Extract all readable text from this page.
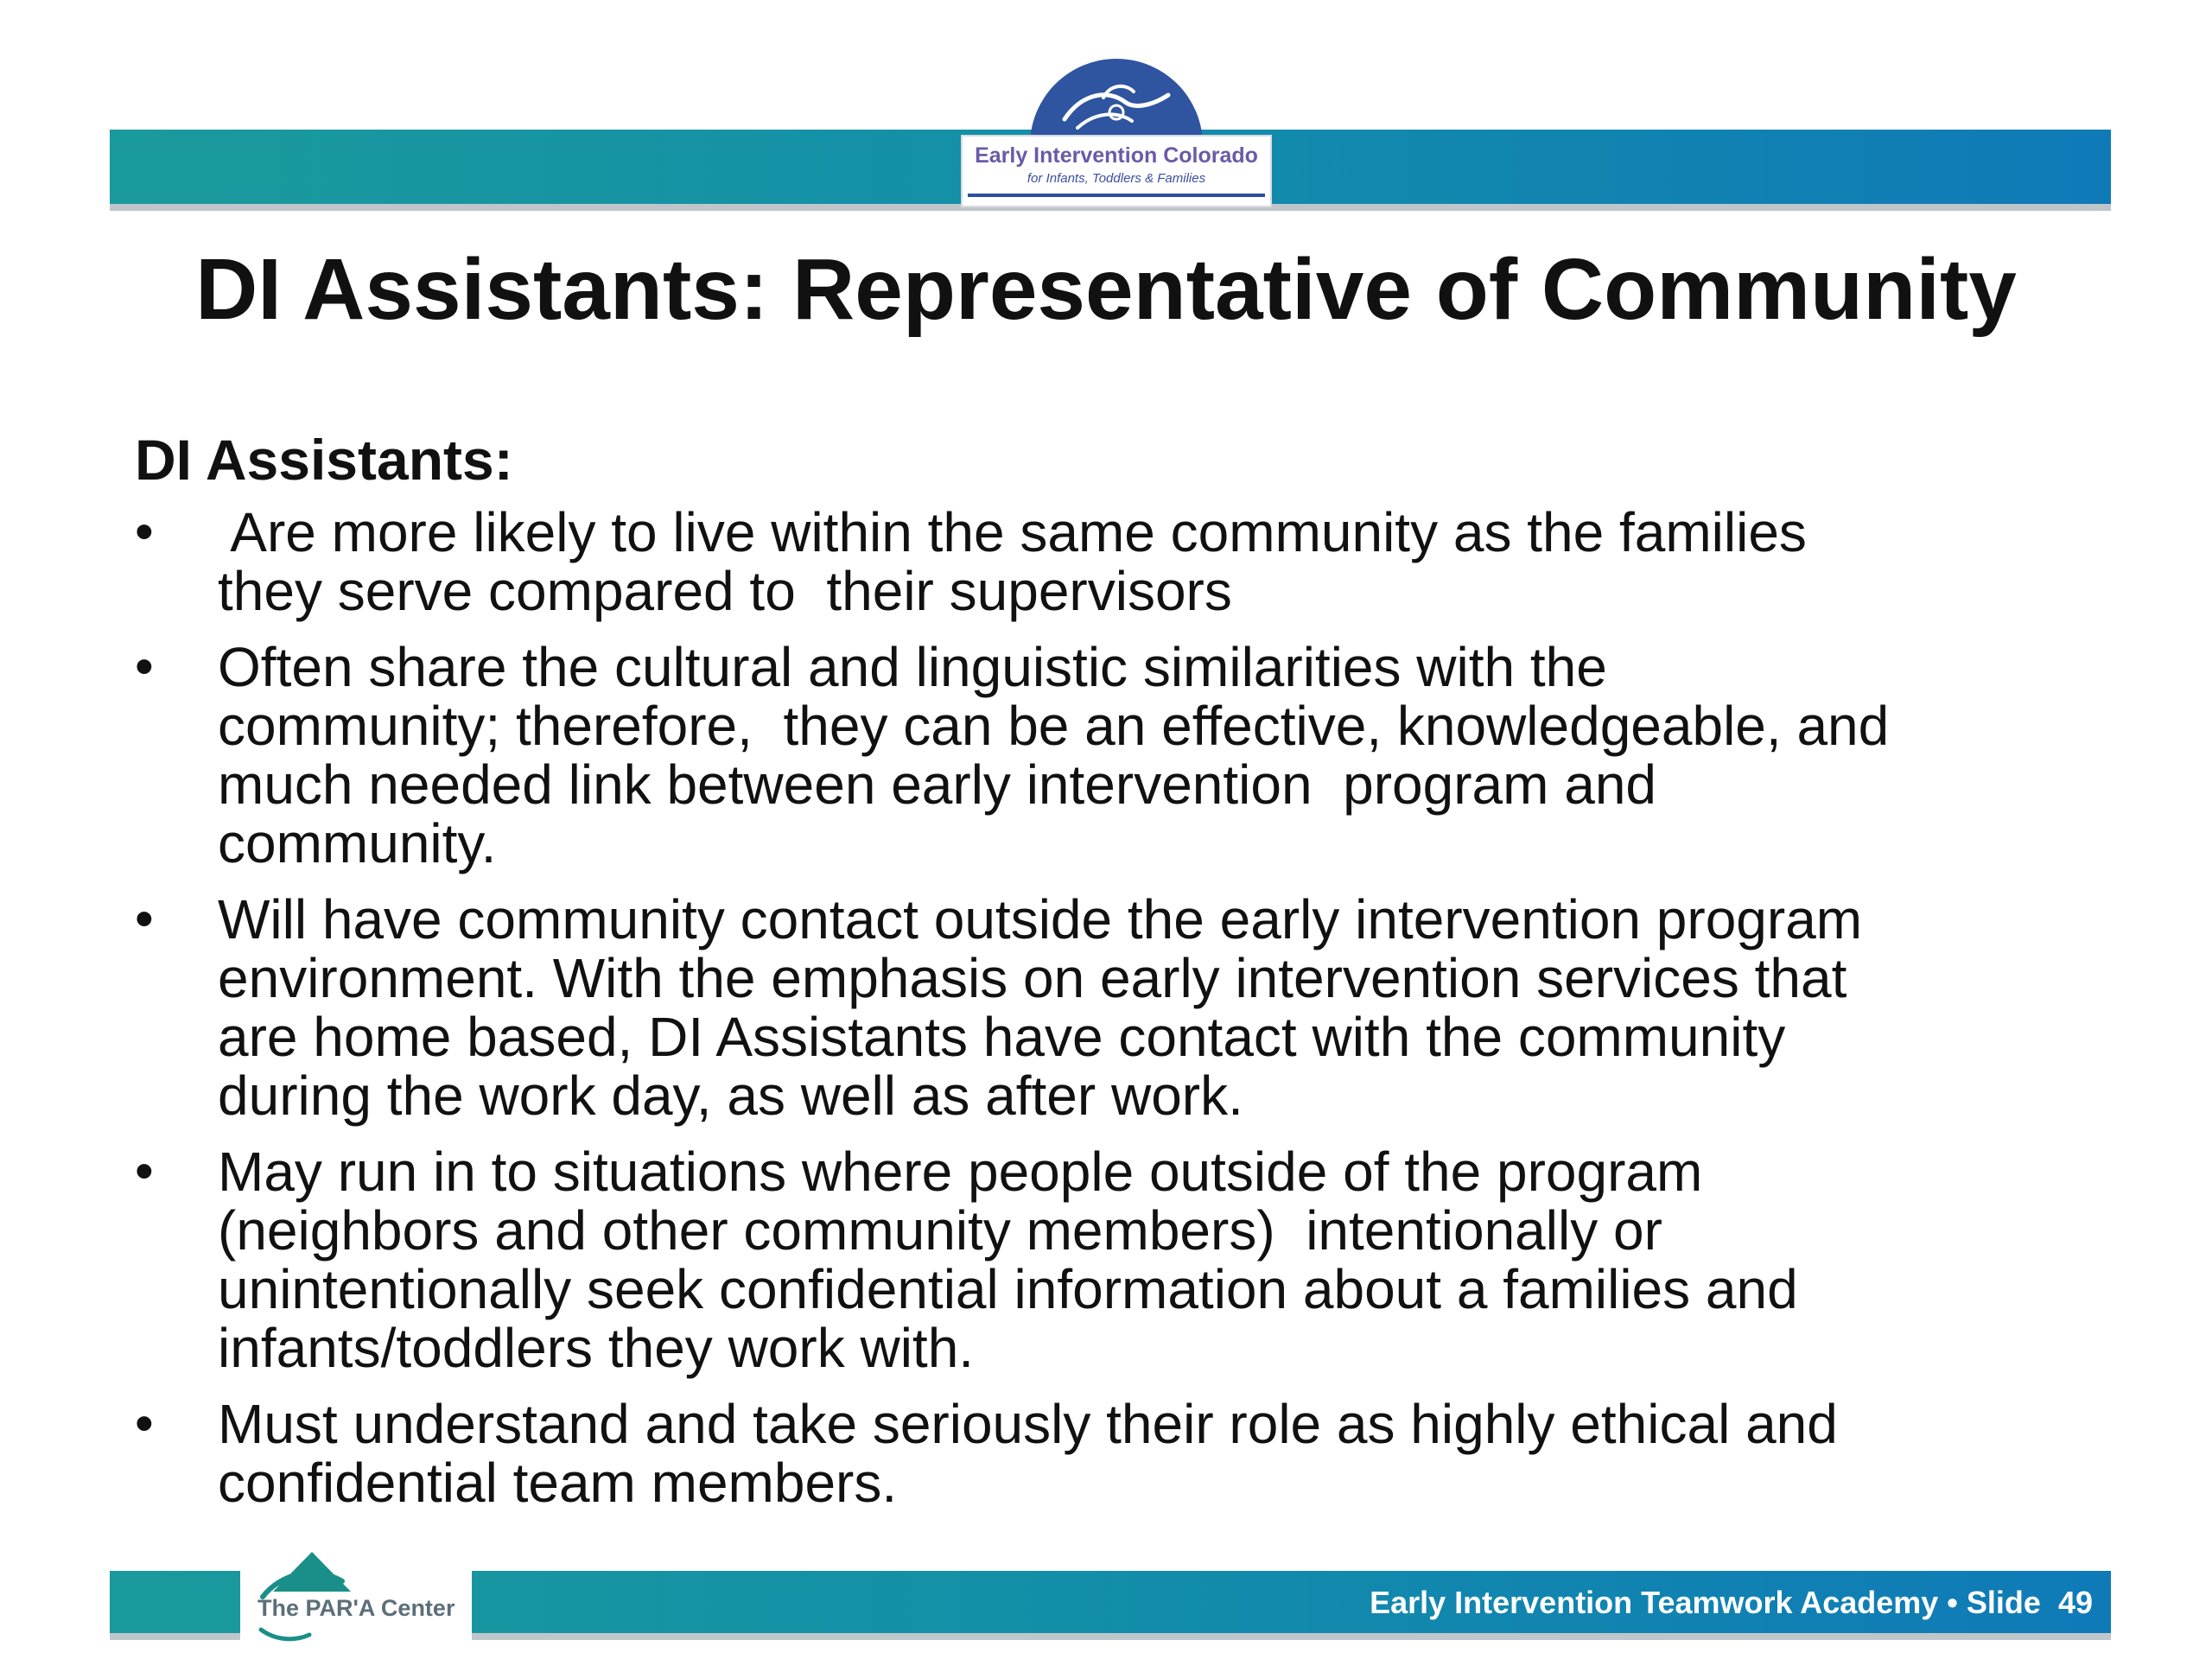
Early Intervention Colorado
for Infants, Toddlers & Families
DI Assistants: Representative of Community
DI Assistants:
• Are more likely to live within the same community as the families
they serve compared to  their supervisors
• Often share the cultural and linguistic similarities with the
community; therefore,  they can be an effective, knowledgeable, and
much needed link between early intervention  program and
community.
• Will have community contact outside the early intervention program
environment. With the emphasis on early intervention services that
are home based, DI Assistants have contact with the community
during the work day, as well as after work.
• May run in to situations where people outside of the program
(neighbors and other community members)  intentionally or
unintentionally seek confidential information about a families and
infants/toddlers they work with.
• Must understand and take seriously their role as highly ethical and
confidential team members.
The PAR'A Center	Early Intervention Teamwork Academy • Slide  49
